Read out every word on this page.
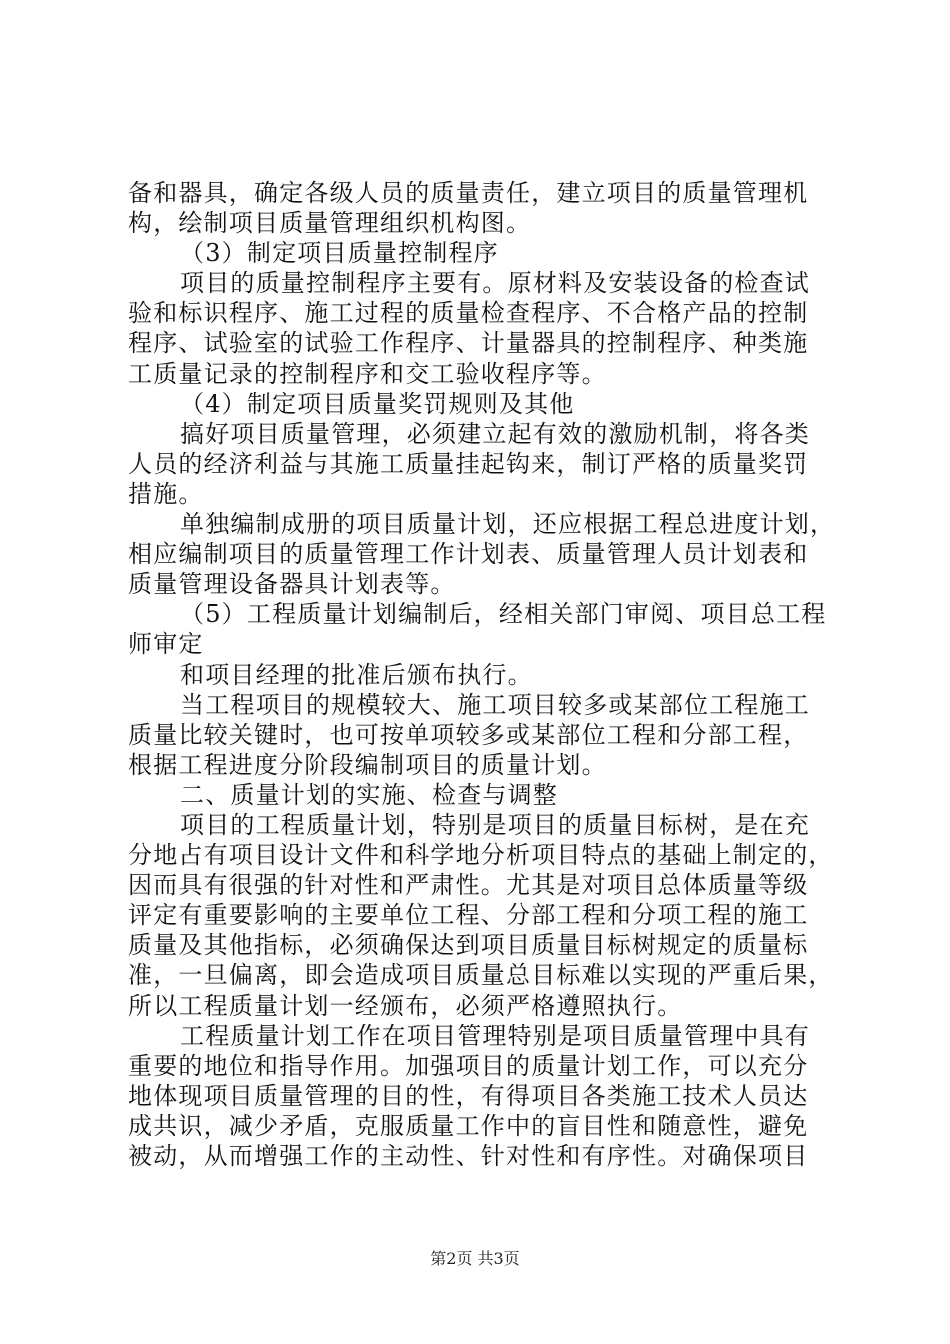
备和器具，确定各级人员的质量责任，建立项目的质量管理机
构，绘制项目质量管理组织机构图。
（3）制定项目质量控制程序
项目的质量控制程序主要有。原材料及安装设备的检查试
验和标识程序、施工过程的质量检查程序、不合格产品的控制
程序、试验室的试验工作程序、计量器具的控制程序、种类施
工质量记录的控制程序和交工验收程序等。
（4）制定项目质量奖罚规则及其他
搞好项目质量管理，必须建立起有效的激励机制，将各类
人员的经济利益与其施工质量挂起钩来，制订严格的质量奖罚
措施。
单独编制成册的项目质量计划，还应根据工程总进度计划，
相应编制项目的质量管理工作计划表、质量管理人员计划表和
质量管理设备器具计划表等。
（5）工程质量计划编制后，经相关部门审阅、项目总工程
师审定
和项目经理的批准后颁布执行。
当工程项目的规模较大、施工项目较多或某部位工程施工
质量比较关键时，也可按单项较多或某部位工程和分部工程，
根据工程进度分阶段编制项目的质量计划。
二、质量计划的实施、检查与调整
项目的工程质量计划，特别是项目的质量目标树，是在充
分地占有项目设计文件和科学地分析项目特点的基础上制定的，
因而具有很强的针对性和严肃性。尤其是对项目总体质量等级
评定有重要影响的主要单位工程、分部工程和分项工程的施工
质量及其他指标，必须确保达到项目质量目标树规定的质量标
准，一旦偏离，即会造成项目质量总目标难以实现的严重后果，
所以工程质量计划一经颁布，必须严格遵照执行。
工程质量计划工作在项目管理特别是项目质量管理中具有
重要的地位和指导作用。加强项目的质量计划工作，可以充分
地体现项目质量管理的目的性，有得项目各类施工技术人员达
成共识，减少矛盾，克服质量工作中的盲目性和随意性，避免
被动，从而增强工作的主动性、针对性和有序性。对确保项目
第2页 共3页
